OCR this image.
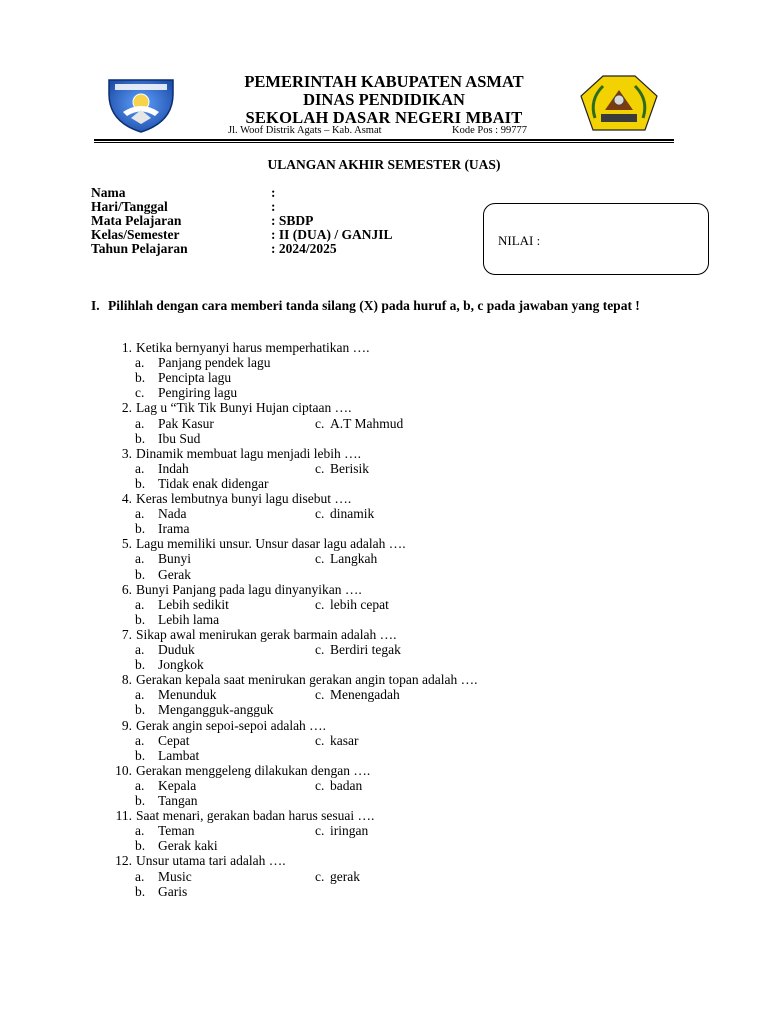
PEMERINTAH KABUPATEN ASMAT
DINAS PENDIDIKAN
SEKOLAH DASAR NEGERI MBAIT
Jl. Woof Distrik Agats – Kab. Asmat	Kode Pos : 99777
ULANGAN AKHIR SEMESTER (UAS)
Nama	:
Hari/Tanggal	:
Mata Pelajaran	: SBDP
Kelas/Semester	: II (DUA) / GANJIL
Tahun Pelajaran	: 2024/2025
NILAI :
I. Pilihlah dengan cara memberi tanda silang (X) pada huruf a, b, c pada jawaban yang tepat !
1. Ketika bernyanyi harus memperhatikan ….
a. Panjang pendek lagu
b. Pencipta lagu
c. Pengiring lagu
2. Lag u “Tik Tik Bunyi Hujan ciptaan ….
a. Pak Kasur	c. A.T Mahmud
b. Ibu Sud
3. Dinamik membuat lagu menjadi lebih ….
a. Indah	c. Berisik
b. Tidak enak didengar
4. Keras lembutnya bunyi lagu disebut ….
a. Nada	c. dinamik
b. Irama
5. Lagu memiliki unsur. Unsur dasar lagu adalah ….
a. Bunyi	c. Langkah
b. Gerak
6. Bunyi Panjang pada lagu dinyanyikan ….
a. Lebih sedikit	c. lebih cepat
b. Lebih lama
7. Sikap awal menirukan gerak barmain adalah ….
a. Duduk	c. Berdiri tegak
b. Jongkok
8. Gerakan kepala saat menirukan gerakan angin topan adalah ….
a. Menunduk	c. Menengadah
b. Mengangguk-angguk
9. Gerak angin sepoi-sepoi adalah ….
a. Cepat	c. kasar
b. Lambat
10. Gerakan menggeleng dilakukan dengan ….
a. Kepala	c. badan
b. Tangan
11. Saat menari, gerakan badan harus sesuai ….
a. Teman	c. iringan
b. Gerak kaki
12. Unsur utama tari adalah ….
a. Music	c. gerak
b. Garis
